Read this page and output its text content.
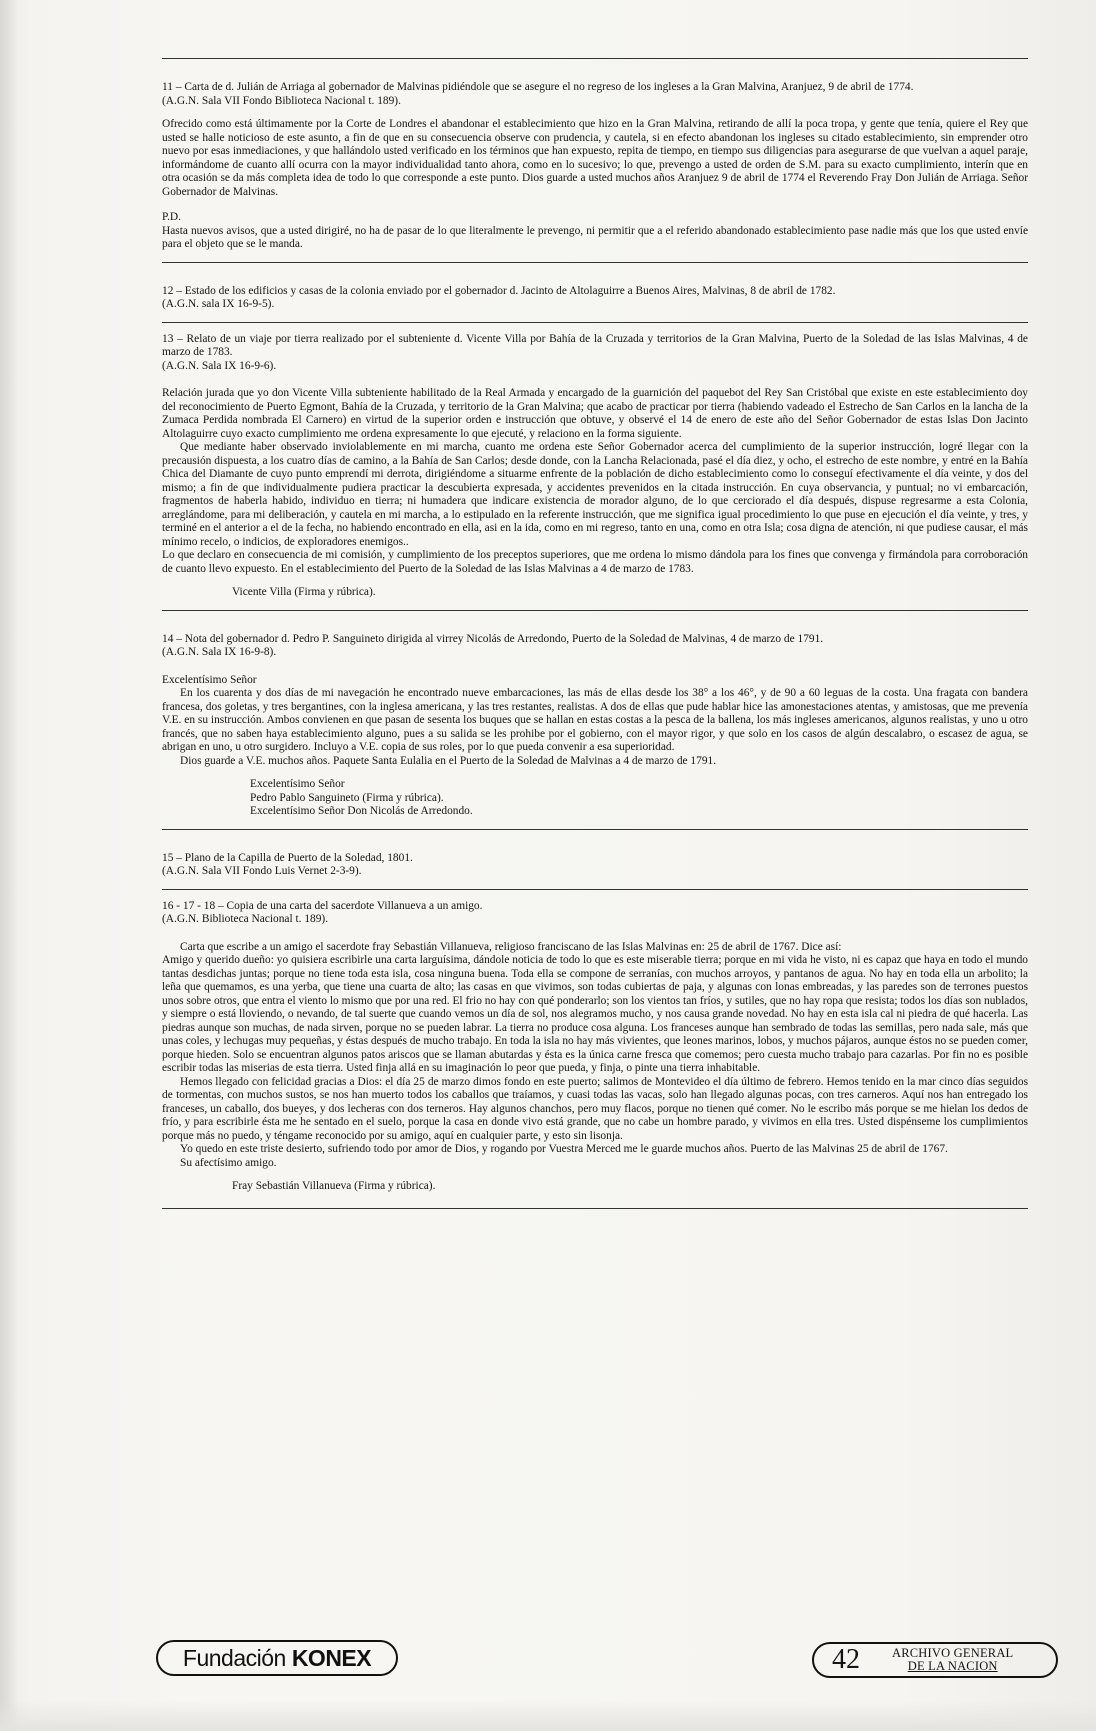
11 – Carta de d. Julián de Arriaga al gobernador de Malvinas pidiéndole que se asegure el no regreso de los ingleses a la Gran Malvina, Aranjuez, 9 de abril de 1774.

(A.G.N. Sala VII Fondo Biblioteca Nacional t. 189).

Ofrecido como está últimamente por la Corte de Londres el abandonar el establecimiento que hizo en la Gran Malvina, retirando de allí la poca tropa, y gente que tenía, quiere el Rey que usted se halle noticioso de este asunto, a fin de que en su consecuencia observe con prudencia, y cautela, si en efecto abandonan los ingleses su citado establecimiento, sin emprender otro nuevo por esas inmediaciones, y que hallándolo usted verificado en los términos que han expuesto, repita de tiempo, en tiempo sus diligencias para asegurarse de que vuelvan a aquel paraje, informándome de cuanto allí ocurra con la mayor individualidad tanto ahora, como en lo sucesivo; lo que, prevengo a usted de orden de S.M. para su exacto cumplimiento, interín que en otra ocasión se da más completa idea de todo lo que corresponde a este punto. Dios guarde a usted muchos años Aranjuez 9 de abril de 1774 el Reverendo Fray Don Julián de Arriaga. Señor Gobernador de Malvinas.

P.D.

Hasta nuevos avisos, que a usted dirigiré, no ha de pasar de lo que literalmente le prevengo, ni permitir que a el referido abandonado establecimiento pase nadie más que los que usted envíe para el objeto que se le manda.

12 – Estado de los edificios y casas de la colonia enviado por el gobernador d. Jacinto de Altolaguirre a Buenos Aires, Malvinas, 8 de abril de 1782.

(A.G.N. sala IX 16-9-5).

13 – Relato de un viaje por tierra realizado por el subteniente d. Vicente Villa por Bahía de la Cruzada y territorios de la Gran Malvina, Puerto de la Soledad de las Islas Malvinas, 4 de marzo de 1783.

(A.G.N. Sala IX 16-9-6).

Relación jurada que yo don Vicente Villa subteniente habilitado de la Real Armada y encargado de la guarnición del paquebot del Rey San Cristóbal que existe en este establecimiento doy del reconocimiento de Puerto Egmont, Bahía de la Cruzada, y territorio de la Gran Malvina; que acabo de practicar por tierra (habiendo vadeado el Estrecho de San Carlos en la lancha de la Zumaca Perdida nombrada El Carnero) en virtud de la superior orden e instrucción que obtuve, y observé el 14 de enero de este año del Señor Gobernador de estas Islas Don Jacinto Altolaguirre cuyo exacto cumplimiento me ordena expresamente lo que ejecuté, y relaciono en la forma siguiente.

Que mediante haber observado inviolablemente en mi marcha, cuanto me ordena este Señor Gobernador acerca del cumplimiento de la superior instrucción, logré llegar con la precausión dispuesta, a los cuatro días de camino, a la Bahía de San Carlos; desde donde, con la Lancha Relacionada, pasé el día diez, y ocho, el estrecho de este nombre, y entré en la Bahía Chica del Diamante de cuyo punto emprendí mi derrota, dirigiéndome a situarme enfrente de la población de dicho establecimiento como lo conseguí efectivamente el día veinte, y dos del mismo; a fin de que individualmente pudiera practicar la descubierta expresada, y accidentes prevenidos en la citada instrucción. En cuya observancia, y puntual; no vi embarcación, fragmentos de haberla habido, individuo en tierra; ni humadera que indicare existencia de morador alguno, de lo que cerciorado el día después, dispuse regresarme a esta Colonia, arreglándome, para mi deliberación, y cautela en mi marcha, a lo estipulado en la referente instrucción, que me significa igual procedimiento lo que puse en ejecución el día veinte, y tres, y terminé en el anterior a el de la fecha, no habiendo encontrado en ella, asi en la ida, como en mi regreso, tanto en una, como en otra Isla; cosa digna de atención, ni que pudiese causar, el más mínimo recelo, o indicios, de exploradores enemigos..

Lo que declaro en consecuencia de mi comisión, y cumplimiento de los preceptos superiores, que me ordena lo mismo dándola para los fines que convenga y firmándola para corroboración de cuanto llevo expuesto. En el establecimiento del Puerto de la Soledad de las Islas Malvinas a 4 de marzo de 1783.

Vicente Villa (Firma y rúbrica).

14 – Nota del gobernador d. Pedro P. Sanguineto dirigida al virrey Nicolás de Arredondo, Puerto de la Soledad de Malvinas, 4 de marzo de 1791.

(A.G.N. Sala IX 16-9-8).

Excelentísimo Señor

En los cuarenta y dos días de mi navegación he encontrado nueve embarcaciones, las más de ellas desde los 38° a los 46°, y de 90 a 60 leguas de la costa. Una fragata con bandera francesa, dos goletas, y tres bergantines, con la inglesa americana, y las tres restantes, realistas. A dos de ellas que pude hablar hice las amonestaciones atentas, y amistosas, que me prevenía V.E. en su instrucción. Ambos convienen en que pasan de sesenta los buques que se hallan en estas costas a la pesca de la ballena, los más ingleses americanos, algunos realistas, y uno u otro francés, que no saben haya establecimiento alguno, pues a su salida se les prohibe por el gobierno, con el mayor rigor, y que solo en los casos de algún descalabro, o escasez de agua, se abrigan en uno, u otro surgidero. Incluyo a V.E. copia de sus roles, por lo que pueda convenir a esa superioridad.

Dios guarde a V.E. muchos años. Paquete Santa Eulalia en el Puerto de la Soledad de Malvinas a 4 de marzo de 1791.

Excelentísimo Señor

Pedro Pablo Sanguineto (Firma y rúbrica).

Excelentísimo Señor Don Nicolás de Arredondo.

15 – Plano de la Capilla de Puerto de la Soledad, 1801.

(A.G.N. Sala VII Fondo Luis Vernet 2-3-9).

16 - 17 - 18 – Copia de una carta del sacerdote Villanueva a un amigo.

(A.G.N. Biblioteca Nacional t. 189).

Carta que escribe a un amigo el sacerdote fray Sebastián Villanueva, religioso franciscano de las Islas Malvinas en: 25 de abril de 1767. Dice así:

Amigo y querido dueño: yo quisiera escribirle una carta larguísima, dándole noticia de todo lo que es este miserable tierra; porque en mi vida he visto, ni es capaz que haya en todo el mundo tantas desdichas juntas; porque no tiene toda esta isla, cosa ninguna buena. Toda ella se compone de serranías, con muchos arroyos, y pantanos de agua. No hay en toda ella un arbolito; la leña que quemamos, es una yerba, que tiene una cuarta de alto; las casas en que vivimos, son todas cubiertas de paja, y algunas con lonas embreadas, y las paredes son de terrones puestos unos sobre otros, que entra el viento lo mismo que por una red. El frio no hay con qué ponderarlo; son los vientos tan fríos, y sutiles, que no hay ropa que resista; todos los días son nublados, y siempre o está lloviendo, o nevando, de tal suerte que cuando vemos un día de sol, nos alegramos mucho, y nos causa grande novedad. No hay en esta isla cal ni piedra de qué hacerla. Las piedras aunque son muchas, de nada sirven, porque no se pueden labrar. La tierra no produce cosa alguna. Los franceses aunque han sembrado de todas las semillas, pero nada sale, más que unas coles, y lechugas muy pequeñas, y éstas después de mucho trabajo. En toda la isla no hay más vivientes, que leones marinos, lobos, y muchos pájaros, aunque éstos no se pueden comer, porque hieden. Solo se encuentran algunos patos ariscos que se llaman abutardas y ésta es la única carne fresca que comemos; pero cuesta mucho trabajo para cazarlas. Por fin no es posible escribir todas las miserias de esta tierra. Usted finja allá en su imaginación lo peor que pueda, y finja, o pinte una tierra inhabitable.

Hemos llegado con felicidad gracias a Dios: el día 25 de marzo dimos fondo en este puerto; salimos de Montevideo el día último de febrero. Hemos tenido en la mar cinco días seguidos de tormentas, con muchos sustos, se nos han muerto todos los caballos que traíamos, y cuasi todas las vacas, solo han llegado algunas pocas, con tres carneros. Aquí nos han entregado los franceses, un caballo, dos bueyes, y dos lecheras con dos terneros. Hay algunos chanchos, pero muy flacos, porque no tienen qué comer. No le escribo más porque se me hielan los dedos de frío, y para escribirle ésta me he sentado en el suelo, porque la casa en donde vivo está grande, que no cabe un hombre parado, y vivimos en ella tres. Usted dispénseme los cumplimientos porque más no puedo, y téngame reconocido por su amigo, aquí en cualquier parte, y esto sin lisonja.

Yo quedo en este triste desierto, sufriendo todo por amor de Dios, y rogando por Vuestra Merced me le guarde muchos años. Puerto de las Malvinas 25 de abril de 1767.

Su afectísimo amigo.

Fray Sebastián Villanueva (Firma y rúbrica).

Fundación KONEX	42	ARCHIVO GENERAL
DE LA NACION
